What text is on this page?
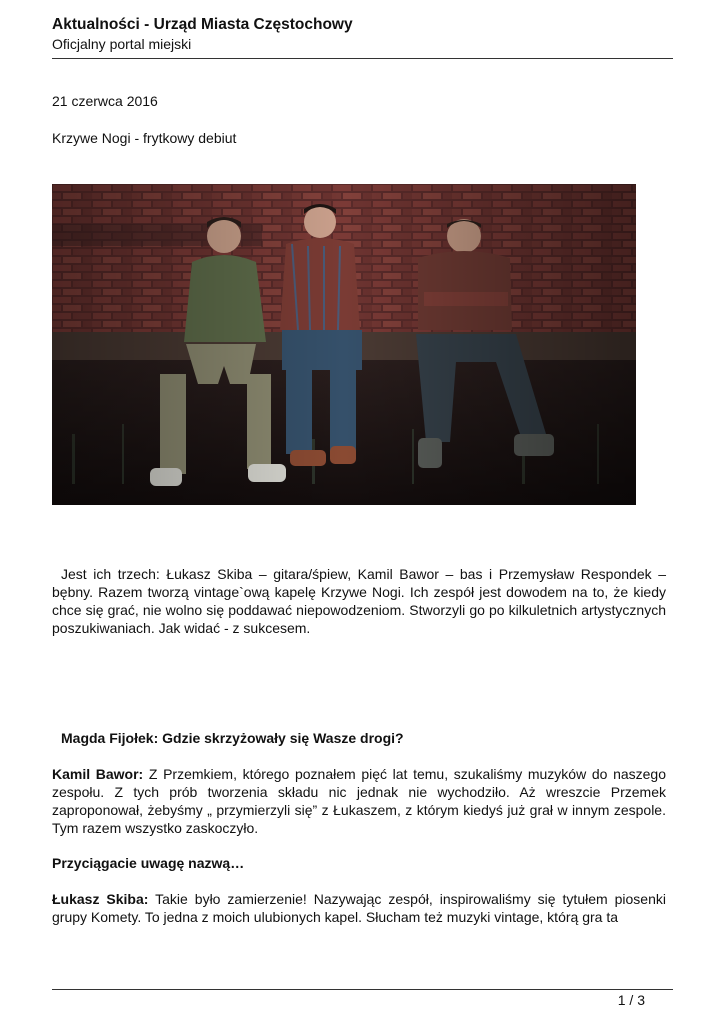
Aktualności - Urząd Miasta Częstochowy
Oficjalny portal miejski
21 czerwca 2016
Krzywe Nogi - frytkowy debiut
Jest ich trzech: Łukasz Skiba – gitara/śpiew, Kamil Bawor – bas i Przemysław Respondek – bębny. Razem tworzą vintage`ową kapelę Krzywe Nogi. Ich zespół jest dowodem na to, że kiedy chce się grać, nie wolno się poddawać niepowodzeniom. Stworzyli go po kilkuletnich artystycznych poszukiwaniach. Jak widać - z sukcesem.
Magda Fijołek: Gdzie skrzyżowały się Wasze drogi?
Kamil Bawor: Z Przemkiem, którego poznałem pięć lat temu, szukaliśmy muzyków do naszego zespołu. Z tych prób tworzenia składu nic jednak nie wychodziło. Aż wreszcie Przemek zaproponował, żebyśmy „ przymierzyli się” z Łukaszem, z którym kiedyś już grał w innym zespole. Tym razem wszystko zaskoczyło.
Przyciągacie uwagę nazwą…
Łukasz Skiba: Takie było zamierzenie! Nazywając zespół, inspirowaliśmy się tytułem piosenki grupy Komety. To jedna z moich ulubionych kapel. Słucham też muzyki vintage, którą gra ta
1 / 3
